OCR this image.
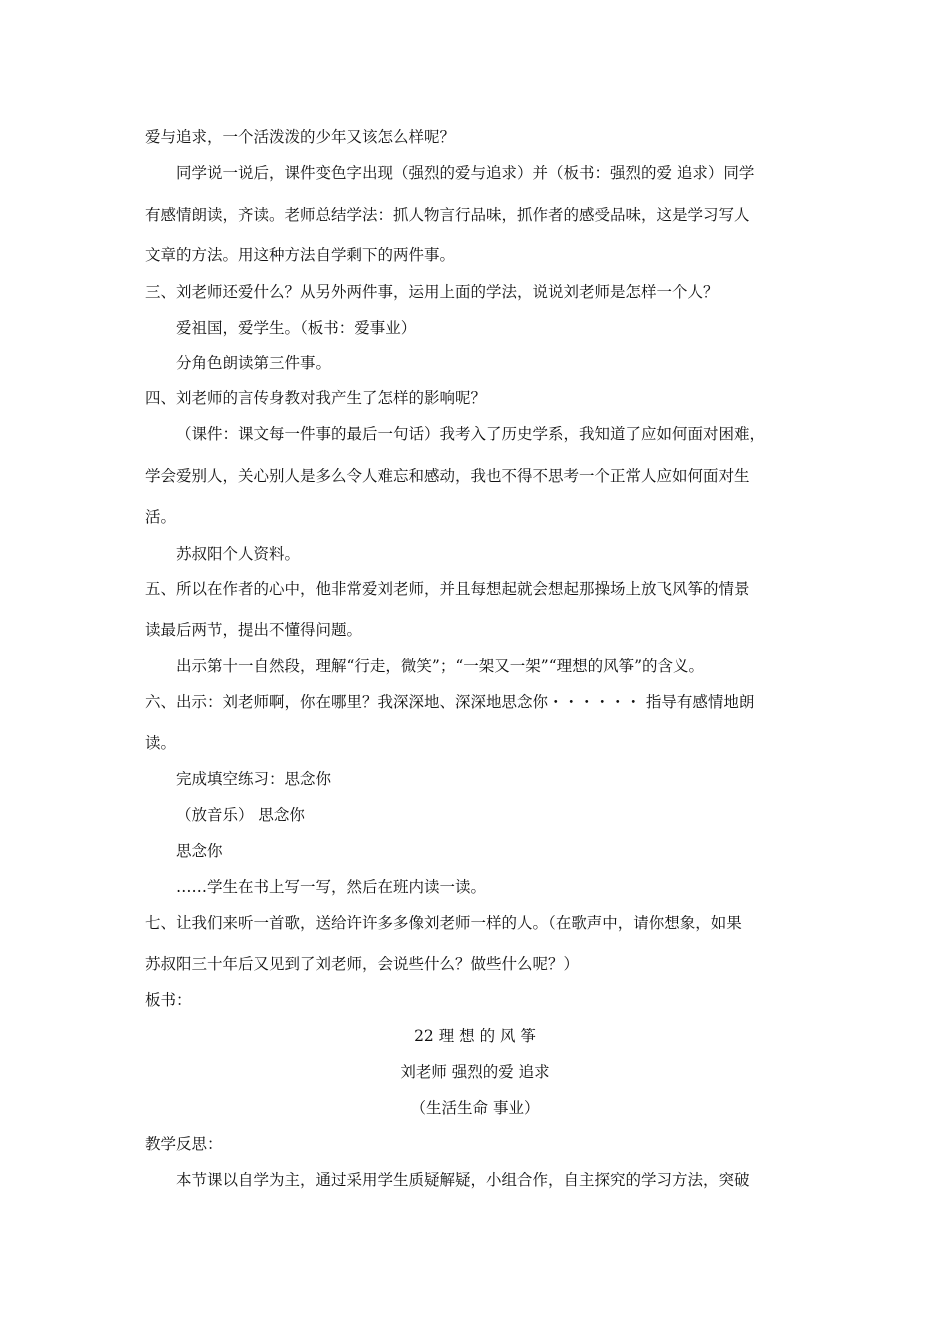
爱与追求，一个活泼泼的少年又该怎么样呢？
同学说一说后，课件变色字出现（强烈的爱与追求）并（板书：强烈的爱 追求）同学
有感情朗读，齐读。老师总结学法：抓人物言行品味，抓作者的感受品味，这是学习写人
文章的方法。用这种方法自学剩下的两件事。
三、刘老师还爱什么？从另外两件事，运用上面的学法，说说刘老师是怎样一个人？
爱祖国，爱学生。（板书：爱事业）
分角色朗读第三件事。
四、刘老师的言传身教对我产生了怎样的影响呢？
（课件：课文每一件事的最后一句话）我考入了历史学系，我知道了应如何面对困难，
学会爱别人，关心别人是多么令人难忘和感动，我也不得不思考一个正常人应如何面对生
活。
苏叔阳个人资料。
五、所以在作者的心中，他非常爱刘老师，并且每想起就会想起那操场上放飞风筝的情景
读最后两节，提出不懂得问题。
出示第十一自然段，理解“行走，微笑”；“一架又一架”“理想的风筝”的含义。
六、出示：刘老师啊，你在哪里？我深深地、深深地思念你・・・・・・ 指导有感情地朗
读。
完成填空练习：思念你
（放音乐） 思念你
思念你
……学生在书上写一写，然后在班内读一读。
七、让我们来听一首歌，送给许许多多像刘老师一样的人。（在歌声中，请你想象，如果
苏叔阳三十年后又见到了刘老师，会说些什么？做些什么呢？）
板书：
22 理 想 的 风 筝
刘老师 强烈的爱 追求
（生活生命 事业）
教学反思：
本节课以自学为主，通过采用学生质疑解疑，小组合作，自主探究的学习方法，突破
